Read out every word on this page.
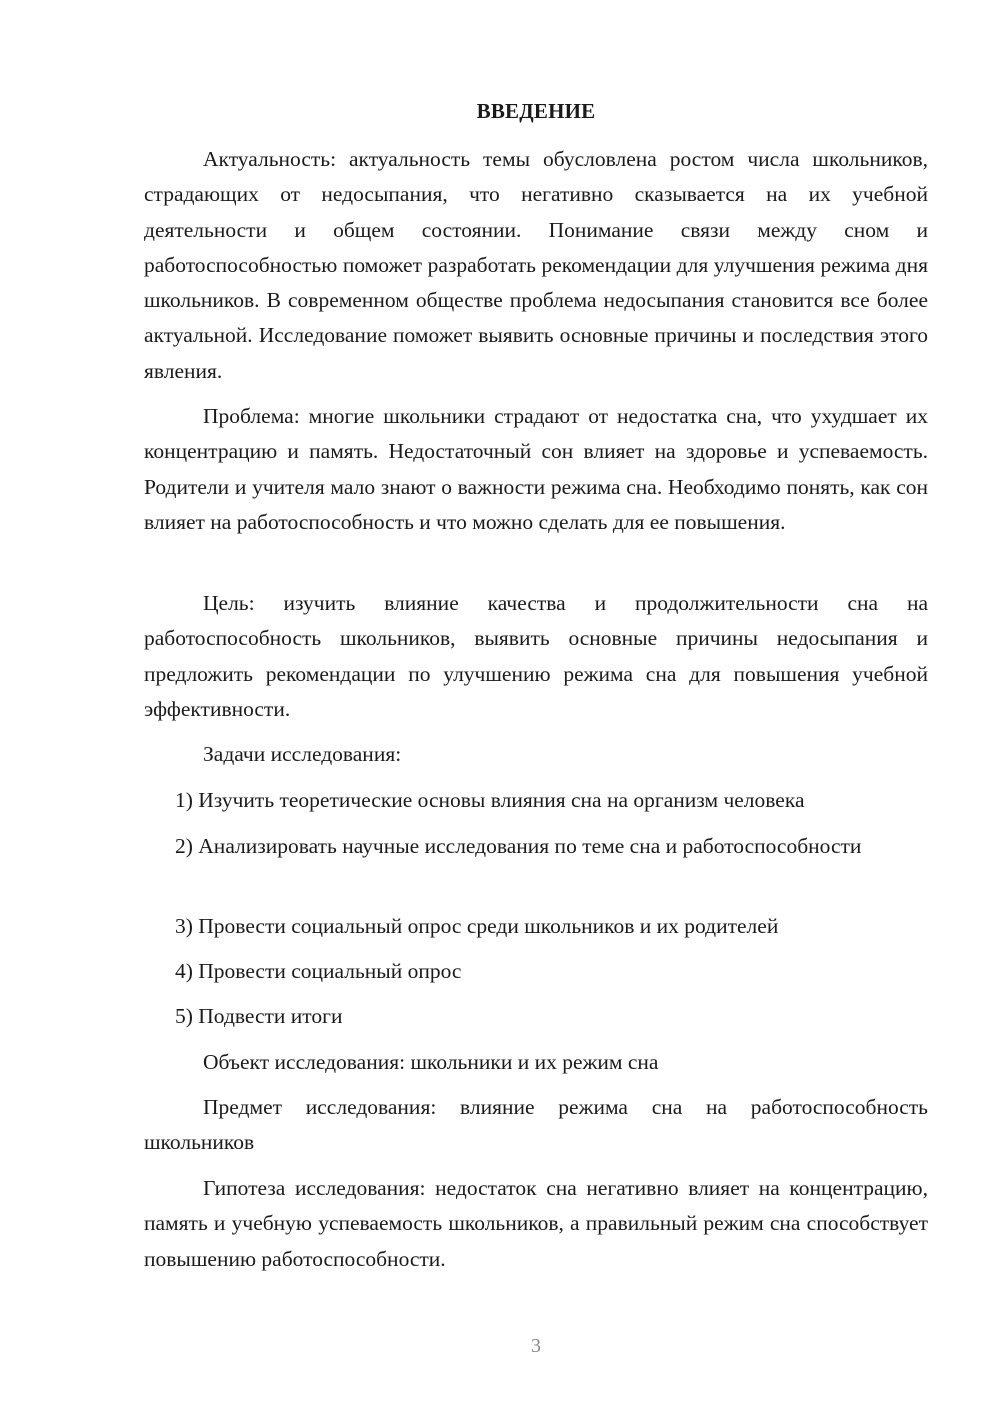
ВВЕДЕНИЕ

Актуальность: актуальность темы обусловлена ростом числа школьников, страдающих от недосыпания, что негативно сказывается на их учебной деятельности и общем состоянии. Понимание связи между сном и работоспособностью поможет разработать рекомендации для улучшения режима дня школьников. В современном обществе проблема недосыпания становится все более актуальной. Исследование поможет выявить основные причины и последствия этого явления.

Проблема: многие школьники страдают от недостатка сна, что ухудшает их концентрацию и память. Недостаточный сон влияет на здоровье и успеваемость. Родители и учителя мало знают о важности режима сна. Необходимо понять, как сон влияет на работоспособность и что можно сделать для ее повышения.

Цель: изучить влияние качества и продолжительности сна на работоспособность школьников, выявить основные причины недосыпания и предложить рекомендации по улучшению режима сна для повышения учебной эффективности.

Задачи исследования:

1) Изучить теоретические основы влияния сна на организм человека

2) Анализировать научные исследования по теме сна и работоспособности

3) Провести социальный опрос среди школьников и их родителей

4) Провести социальный опрос

5) Подвести итоги

Объект исследования: школьники и их режим сна

Предмет исследования: влияние режима сна на работоспособность школьников

Гипотеза исследования: недостаток сна негативно влияет на концентрацию, память и учебную успеваемость школьников, а правильный режим сна способствует повышению работоспособности.

3
